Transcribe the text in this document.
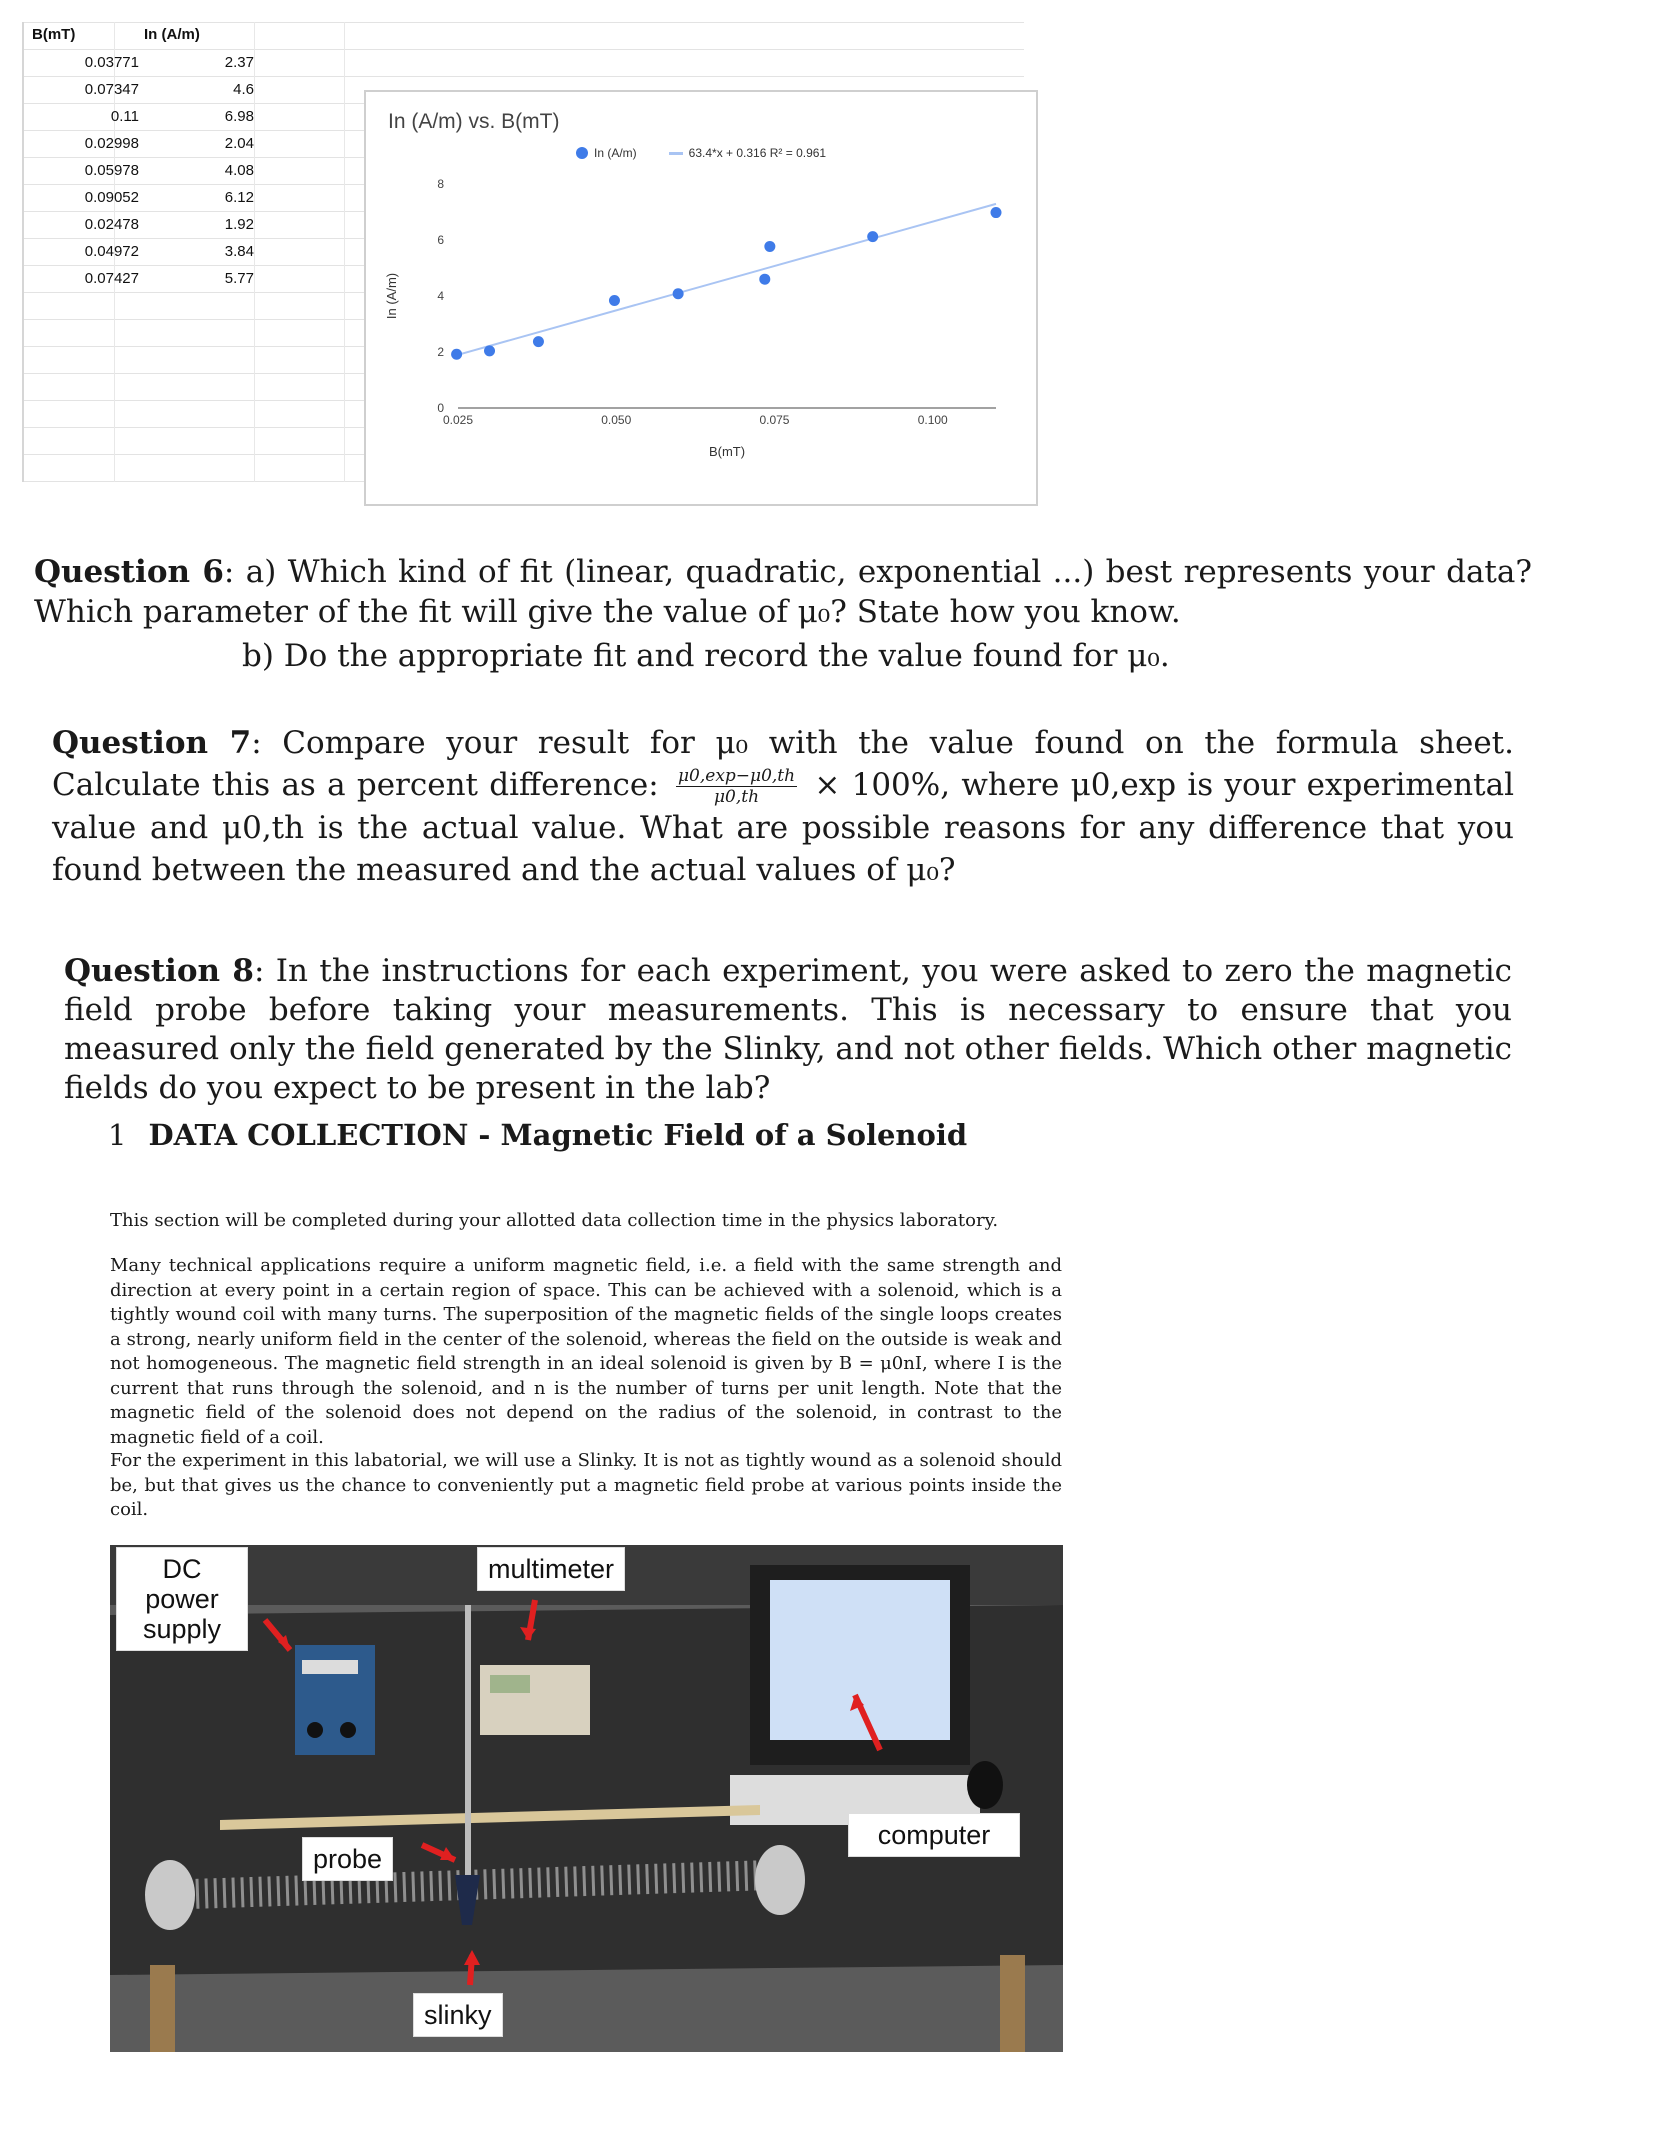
B(mT)	In (A/m)
0.03771	2.37
0.07347	4.6
0.11	6.98
0.02998	2.04
0.05978	4.08
0.09052	6.12
0.02478	1.92
0.04972	3.84
0.07427	5.77
In (A/m) vs. B(mT)
In (A/m)	63.4*x + 0.316 R² = 0.961
0
2
4
6
8
0.025	0.050	0.075	0.100
B(mT)
In (A/m)
Question 6: a) Which kind of fit (linear, quadratic, exponential ...) best represents your data? Which parameter of the fit will give the value of μ₀? State how you know.
b) Do the appropriate fit and record the value found for μ₀.
Question 7: Compare your result for μ₀ with the value found on the formula sheet. Calculate this as a percent difference: $\frac{\mu 0,\exp-\mu 0,th}{\mu 0,th} \times 100\%$, where μ0,exp is your experimental value and μ0,th is the actual value. What are possible reasons for any difference that you found between the measured and the actual values of μ₀?
Question 8: In the instructions for each experiment, you were asked to zero the magnetic field probe before taking your measurements. This is necessary to ensure that you measured only the field generated by the Slinky, and not other fields. Which other magnetic fields do you expect to be present in the lab?
1 DATA COLLECTION - Magnetic Field of a Solenoid
This section will be completed during your allotted data collection time in the physics laboratory.
Many technical applications require a uniform magnetic field, i.e. a field with the same strength and direction at every point in a certain region of space. This can be achieved with a solenoid, which is a tightly wound coil with many turns. The superposition of the magnetic fields of the single loops creates a strong, nearly uniform field in the center of the solenoid, whereas the field on the outside is weak and not homogeneous. The magnetic field strength in an ideal solenoid is given by B = μ0nI, where I is the current that runs through the solenoid, and n is the number of turns per unit length. Note that the magnetic field of the solenoid does not depend on the radius of the solenoid, in contrast to the magnetic field of a coil.
For the experiment in this labatorial, we will use a Slinky. It is not as tightly wound as a solenoid should be, but that gives us the chance to conveniently put a magnetic field probe at various points inside the coil.
DC power supply
multimeter
computer
probe
slinky
